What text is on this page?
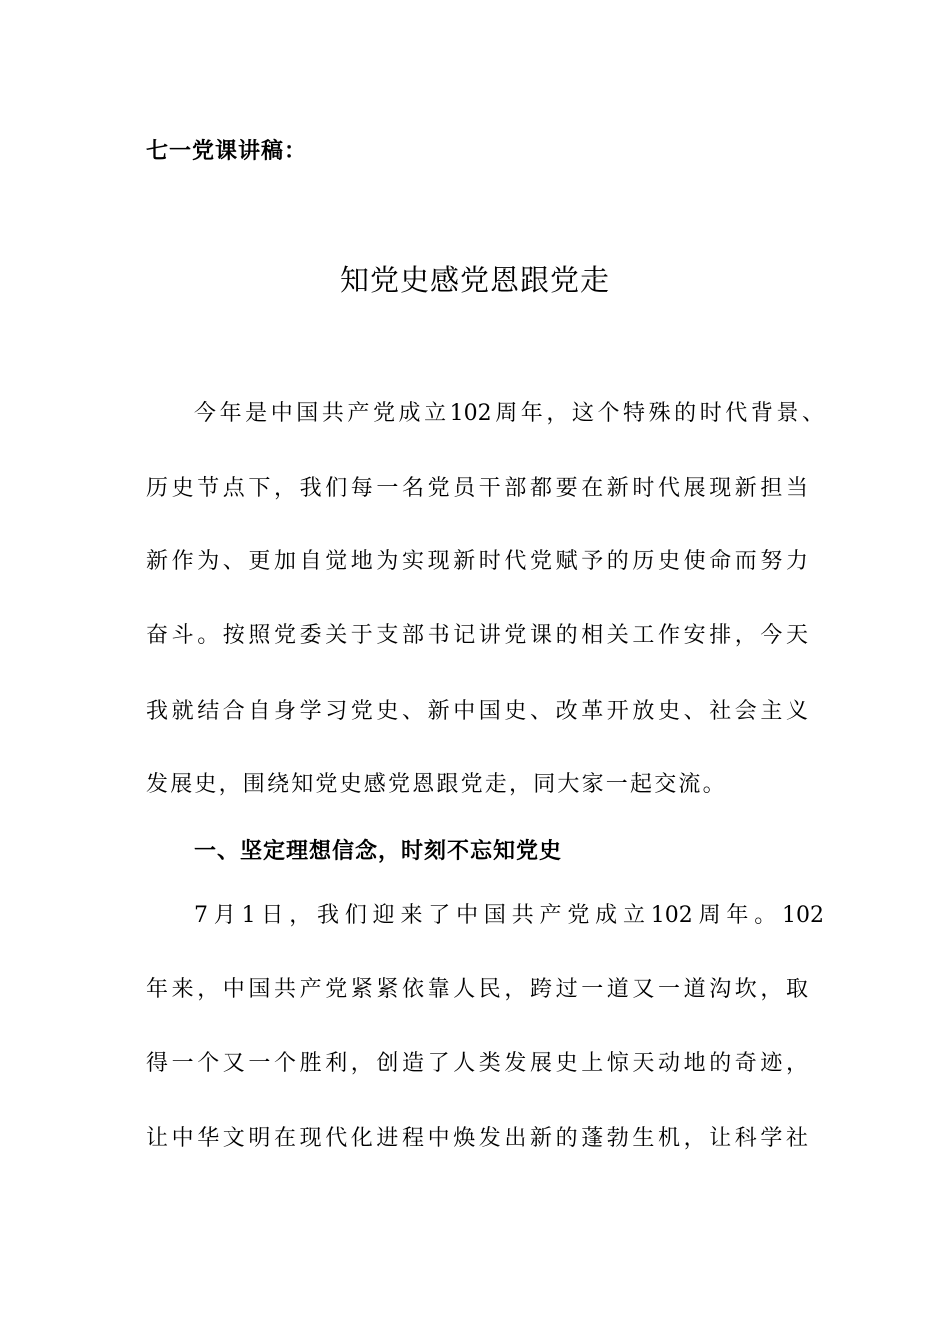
七一党课讲稿：
知党史感党恩跟党走
今年是中国共产党成立102周年，这个特殊的时代背景、
历史节点下，我们每一名党员干部都要在新时代展现新担当
新作为、更加自觉地为实现新时代党赋予的历史使命而努力
奋斗。按照党委关于支部书记讲党课的相关工作安排，今天
我就结合自身学习党史、新中国史、改革开放史、社会主义
发展史，围绕知党史感党恩跟党走，同大家一起交流。
一、坚定理想信念，时刻不忘知党史
7月1日，我们迎来了中国共产党成立102周年。102
年来，中国共产党紧紧依靠人民，跨过一道又一道沟坎，取
得一个又一个胜利，创造了人类发展史上惊天动地的奇迹，
让中华文明在现代化进程中焕发出新的蓬勃生机，让科学社
